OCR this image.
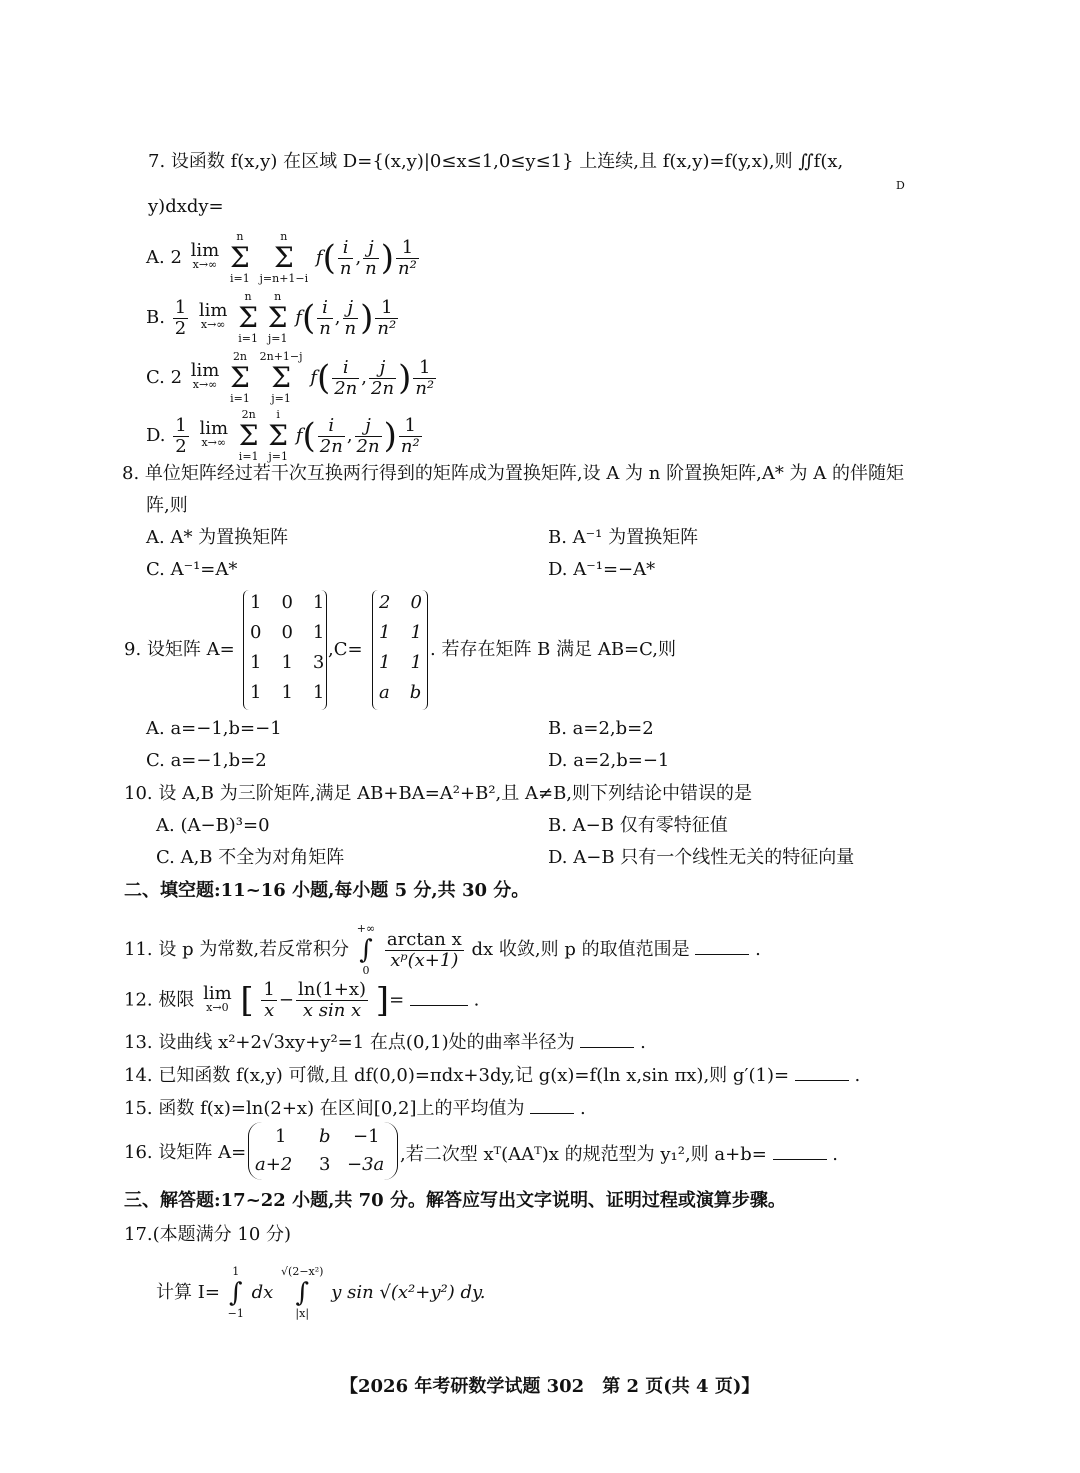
7. 设函数 f(x,y) 在区域 D={(x,y)|0≤x≤1,0≤y≤1} 上连续,且 f(x,y)=f(y,x),则 ∬f(x,
D
y)dxdy=
A. 2 lim
x→∞

n
Σ
i=1

n
Σ
j=n+1−i
$f( \frac{i}{n}$ , $\frac{j}{n}$ ) $\frac{1}{\text{n²}}$
B. $\frac{1}{2}$
lim
x→∞

n
Σ
i=1

n
Σ
j=1
$f( \frac{i}{n}$ , $\frac{j}{n}$ ) $\frac{1}{\text{n²}}$
C. 2 lim
x→∞

2n
Σ
i=1

2n+1−j
Σ
j=1
$f( \frac{i}{2n}$ , $\frac{j}{2n}$ ) $\frac{1}{\text{n²}}$
D. $\frac{1}{2}$
lim
x→∞

2n
Σ
i=1

i
Σ
j=1
$f( \frac{i}{2n}$ , $\frac{j}{2n}$ ) $\frac{1}{\text{n²}}$
8. 单位矩阵经过若干次互换两行得到的矩阵成为置换矩阵,设 A 为 n 阶置换矩阵,A* 为 A 的伴随矩
阵,则
A. A* 为置换矩阵	B. A⁻¹ 为置换矩阵
C. A⁻¹=A*	D. A⁻¹=−A*
9. 设矩阵 A=
1 0 1
0 0 1
1 1 3
1 1 1
,C=
2 0
1 1
1 1
a b
. 若存在矩阵 B 满足 AB=C,则
A. a=−1,b=−1	B. a=2,b=2
C. a=−1,b=2	D. a=2,b=−1
10. 设 A,B 为三阶矩阵,满足 AB+BA=A²+B²,且 A≠B,则下列结论中错误的是
A. (A−B)³=0	B. A−B 仅有零特征值
C. A,B 不全为对角矩阵	D. A−B 只有一个线性无关的特征向量
二、填空题:11~16 小题,每小题 5 分,共 30 分。
11. 设 p 为常数,若反常积分
+∞
∫
0
$\frac{\text{arctan x}}{\text{xᵖ(x+1)}}$ dx 收敛,则 p 的取值范围是	.
12. 极限 lim
x→0 [ $\frac{1}{x} - \frac{\ln(1+x)}{\text{x sin x}}$ ]=	.
13. 设曲线 x²+2√3xy+y²=1 在点(0,1)处的曲率半径为	.
14. 已知函数 f(x,y) 可微,且 df(0,0)=πdx+3dy,记 g(x)=f(ln x,sin πx),则 g′(1)=	.
15. 函数 f(x)=ln(2+x) 在区间[0,2]上的平均值为	.
16. 设矩阵 A=
1 b −1
a+2 3 −3a ,若二次型 xᵀ(AAᵀ)x 的规范型为 y₁²,则 a+b=	.
三、解答题:17~22 小题,共 70 分。解答应写出文字说明、证明过程或演算步骤。
17.(本题满分 10 分)
计算 I=
1
∫
−1
dx
√(2−x²)
∫
|x|
y sin √(x²+y²) dy.
【2026 年考研数学试题 302　第 2 页(共 4 页)】
